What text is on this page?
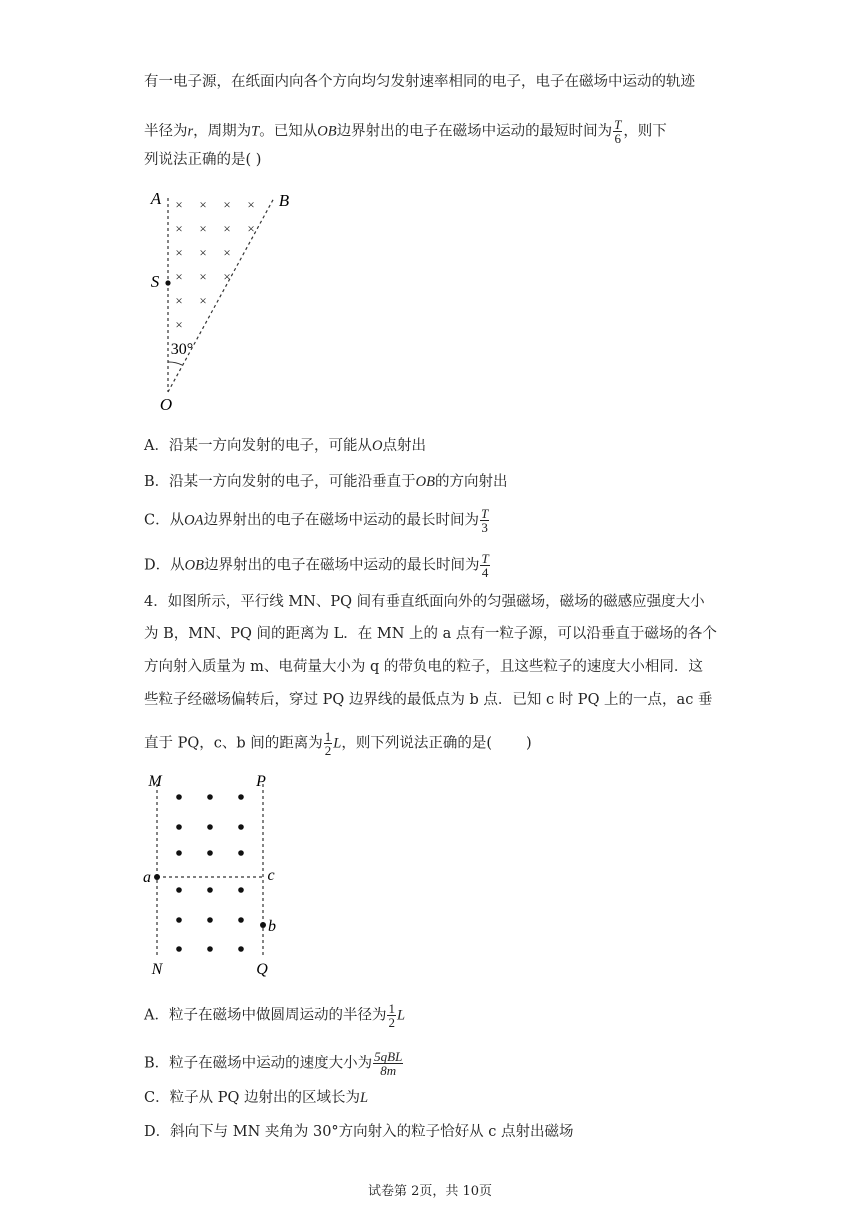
有一电子源，在纸面内向各个方向均匀发射速率相同的电子，电子在磁场中运动的轨迹
半径为r，周期为T。已知从OB边界射出的电子在磁场中运动的最短时间为 $\frac{T}{6}$ ，则下
列说法正确的是( )
× × × ×
× × × ×
× × ×
× × ×
× ×
×
A	B
S
O
30°
A．沿某一方向发射的电子，可能从O点射出
B．沿某一方向发射的电子，可能沿垂直于OB的方向射出
C．从OA边界射出的电子在磁场中运动的最长时间为 $\frac{T}{3}$
D．从OB边界射出的电子在磁场中运动的最长时间为 $\frac{T}{4}$
4．如图所示，平行线 MN、PQ 间有垂直纸面向外的匀强磁场，磁场的磁感应强度大小
为 B，MN、PQ 间的距离为 L．在 MN 上的 a 点有一粒子源，可以沿垂直于磁场的各个
方向射入质量为 m、电荷量大小为 q 的带负电的粒子，且这些粒子的速度大小相同．这
些粒子经磁场偏转后，穿过 PQ 边界线的最低点为 b 点．已知 c 时 PQ 上的一点，ac 垂
直于 PQ，c、b 间的距离为 $\frac{1}{2}$ L，则下列说法正确的是( )
M	P
a	c
b
N	Q
A．粒子在磁场中做圆周运动的半径为 $\frac{1}{2}$ L
B．粒子在磁场中运动的速度大小为 $\frac{\text{5qBL}}{8m}$
C．粒子从 PQ 边射出的区域长为L
D．斜向下与 MN 夹角为 30°方向射入的粒子恰好从 c 点射出磁场
试卷第 2页，共 10页
